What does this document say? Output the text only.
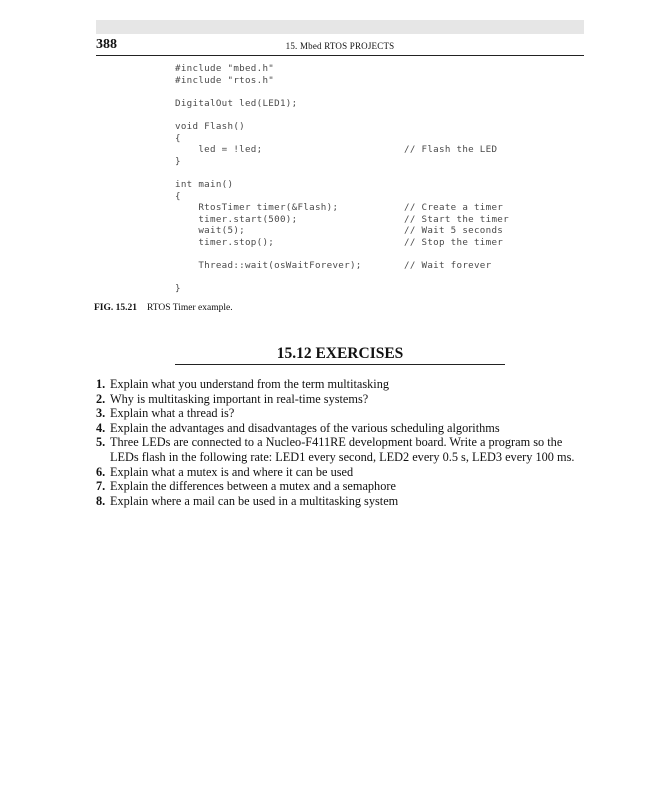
388	15. Mbed RTOS PROJECTS
#include "mbed.h"
#include "rtos.h"
DigitalOut led(LED1);
void Flash()
{
led = !led;	// Flash the LED
}
int main()
{
RtosTimer timer(&Flash);	// Create a timer
timer.start(500);	// Start the timer
wait(5);	// Wait 5 seconds
timer.stop();	// Stop the timer
Thread::wait(osWaitForever);	// Wait forever
}
FIG. 15.21 RTOS Timer example.
15.12 EXERCISES
1. Explain what you understand from the term multitasking
2. Why is multitasking important in real-time systems?
3. Explain what a thread is?
4. Explain the advantages and disadvantages of the various scheduling algorithms
5. Three LEDs are connected to a Nucleo-F411RE development board. Write a program so the LEDs flash in the following rate: LED1 every second, LED2 every 0.5 s, LED3 every 100 ms.
6. Explain what a mutex is and where it can be used
7. Explain the differences between a mutex and a semaphore
8. Explain where a mail can be used in a multitasking system
